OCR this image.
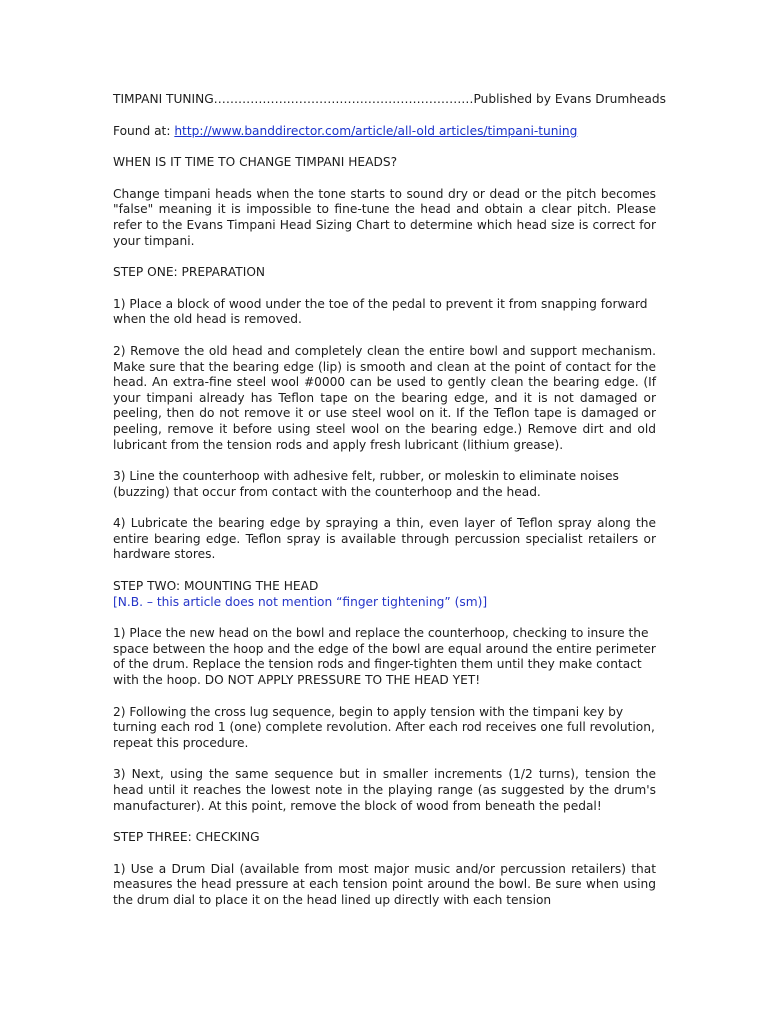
TIMPANI TUNING……………….………………………………………Published by Evans Drumheads

Found at: http://www.banddirector.com/article/all-old articles/timpani-tuning

WHEN IS IT TIME TO CHANGE TIMPANI HEADS?

Change timpani heads when the tone starts to sound dry or dead or the pitch becomes "false" meaning it is impossible to fine-tune the head and obtain a clear pitch. Please refer to the Evans Timpani Head Sizing Chart to determine which head size is correct for your timpani.

STEP ONE: PREPARATION

1) Place a block of wood under the toe of the pedal to prevent it from snapping forward when the old head is removed.

2) Remove the old head and completely clean the entire bowl and support mechanism. Make sure that the bearing edge (lip) is smooth and clean at the point of contact for the head. An extra-fine steel wool #0000 can be used to gently clean the bearing edge. (If your timpani already has Teflon tape on the bearing edge, and it is not damaged or peeling, then do not remove it or use steel wool on it. If the Teflon tape is damaged or peeling, remove it before using steel wool on the bearing edge.) Remove dirt and old lubricant from the tension rods and apply fresh lubricant (lithium grease).

3) Line the counterhoop with adhesive felt, rubber, or moleskin to eliminate noises (buzzing) that occur from contact with the counterhoop and the head.

4) Lubricate the bearing edge by spraying a thin, even layer of Teflon spray along the entire bearing edge. Teflon spray is available through percussion specialist retailers or hardware stores.

STEP TWO: MOUNTING THE HEAD
[N.B. – this article does not mention “finger tightening” (sm)]

1) Place the new head on the bowl and replace the counterhoop, checking to insure the space between the hoop and the edge of the bowl are equal around the entire perimeter of the drum. Replace the tension rods and finger-tighten them until they make contact with the hoop. DO NOT APPLY PRESSURE TO THE HEAD YET!

2) Following the cross lug sequence, begin to apply tension with the timpani key by turning each rod 1 (one) complete revolution. After each rod receives one full revolution, repeat this procedure.

3) Next, using the same sequence but in smaller increments (1/2 turns), tension the head until it reaches the lowest note in the playing range (as suggested by the drum's manufacturer). At this point, remove the block of wood from beneath the pedal!

STEP THREE: CHECKING

1) Use a Drum Dial (available from most major music and/or percussion retailers) that measures the head pressure at each tension point around the bowl. Be sure when using the drum dial to place it on the head lined up directly with each tension
